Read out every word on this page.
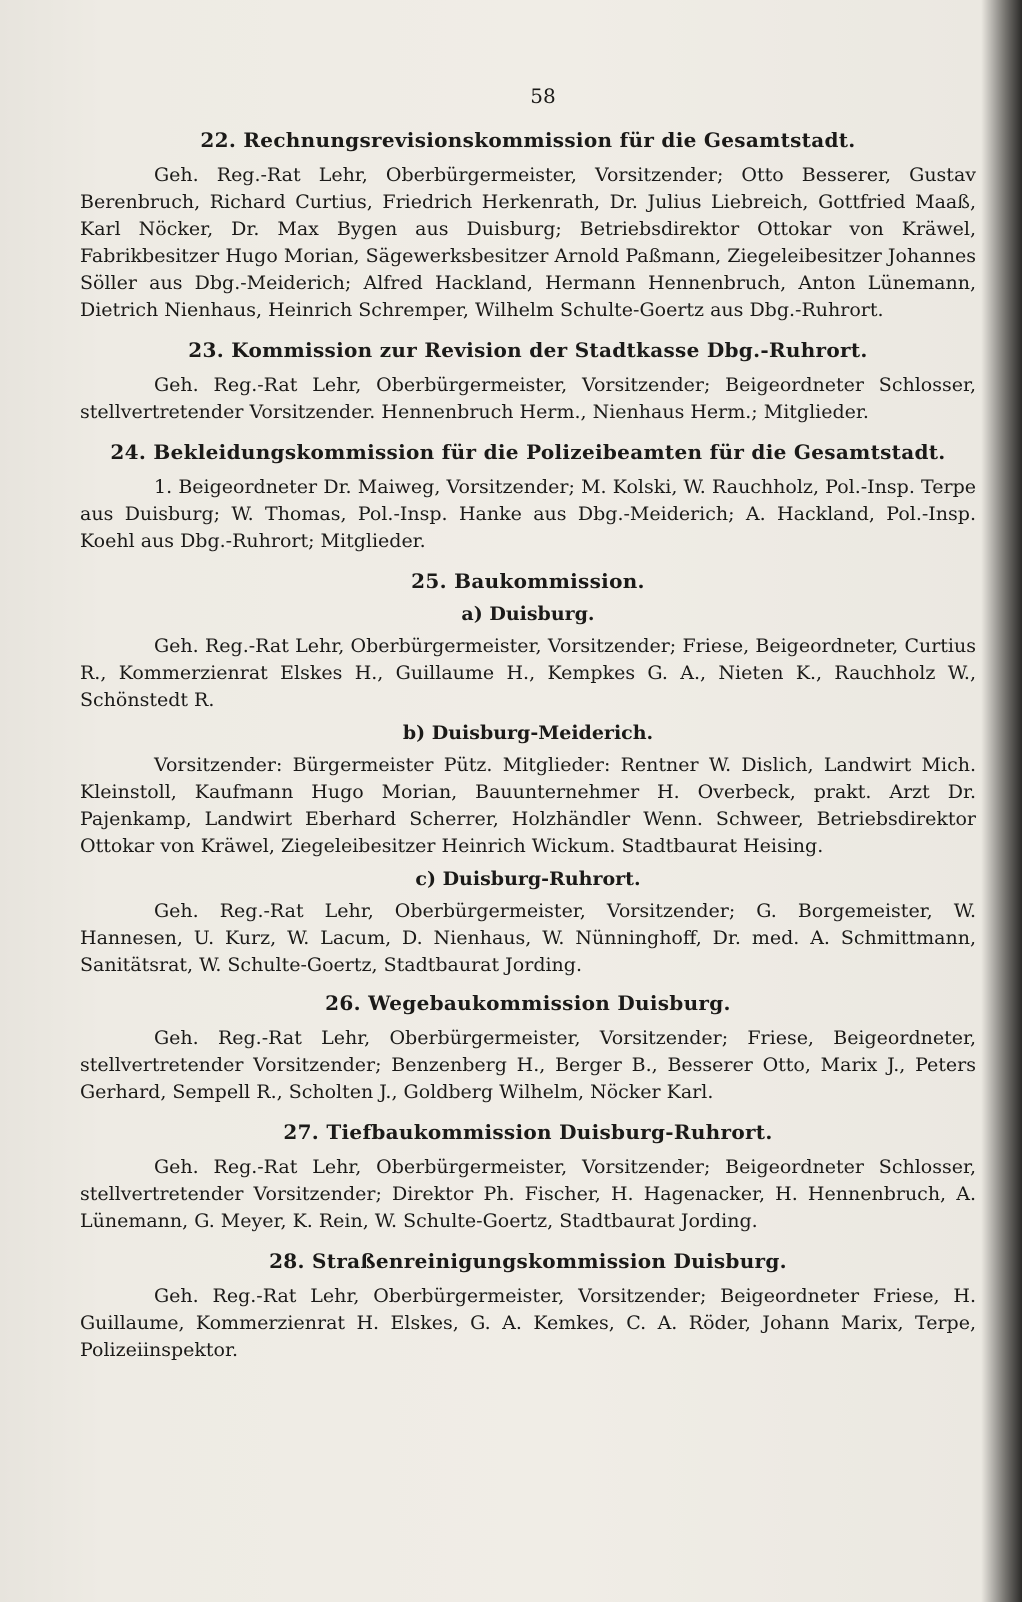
58
22. Rechnungsrevisionskommission für die Gesamtstadt.

Geh. Reg.-Rat Lehr, Oberbürgermeister, Vorsitzender; Otto Besserer, Gustav Berenbruch, Richard Curtius, Friedrich Herkenrath, Dr. Julius Liebreich, Gottfried Maaß, Karl Nöcker, Dr. Max Bygen aus Duisburg; Betriebsdirektor Ottokar von Kräwel, Fabrikbesitzer Hugo Morian, Sägewerksbesitzer Arnold Paßmann, Ziegeleibesitzer Johannes Söller aus Dbg.-Meiderich; Alfred Hackland, Hermann Hennenbruch, Anton Lünemann, Dietrich Nienhaus, Heinrich Schremper, Wilhelm Schulte-Goertz aus Dbg.-Ruhrort.

23. Kommission zur Revision der Stadtkasse Dbg.-Ruhrort.

Geh. Reg.-Rat Lehr, Oberbürgermeister, Vorsitzender; Beigeordneter Schlosser, stellvertretender Vorsitzender. Hennenbruch Herm., Nienhaus Herm.; Mitglieder.

24. Bekleidungskommission für die Polizeibeamten für die Gesamtstadt.

1. Beigeordneter Dr. Maiweg, Vorsitzender; M. Kolski, W. Rauchholz, Pol.-Insp. Terpe aus Duisburg; W. Thomas, Pol.-Insp. Hanke aus Dbg.-Meiderich; A. Hackland, Pol.-Insp. Koehl aus Dbg.-Ruhrort; Mitglieder.

25. Baukommission.
a) Duisburg.

Geh. Reg.-Rat Lehr, Oberbürgermeister, Vorsitzender; Friese, Beigeordneter, Curtius R., Kommerzienrat Elskes H., Guillaume H., Kempkes G. A., Nieten K., Rauchholz W., Schönstedt R.

b) Duisburg-Meiderich.

Vorsitzender: Bürgermeister Pütz. Mitglieder: Rentner W. Dislich, Landwirt Mich. Kleinstoll, Kaufmann Hugo Morian, Bauunternehmer H. Overbeck, prakt. Arzt Dr. Pajenkamp, Landwirt Eberhard Scherrer, Holzhändler Wenn. Schweer, Betriebsdirektor Ottokar von Kräwel, Ziegeleibesitzer Heinrich Wickum. Stadtbaurat Heising.

c) Duisburg-Ruhrort.

Geh. Reg.-Rat Lehr, Oberbürgermeister, Vorsitzender; G. Borgemeister, W. Hannesen, U. Kurz, W. Lacum, D. Nienhaus, W. Nünninghoff, Dr. med. A. Schmittmann, Sanitätsrat, W. Schulte-Goertz, Stadtbaurat Jording.

26. Wegebaukommission Duisburg.

Geh. Reg.-Rat Lehr, Oberbürgermeister, Vorsitzender; Friese, Beigeordneter, stellvertretender Vorsitzender; Benzenberg H., Berger B., Besserer Otto, Marix J., Peters Gerhard, Sempell R., Scholten J., Goldberg Wilhelm, Nöcker Karl.

27. Tiefbaukommission Duisburg-Ruhrort.

Geh. Reg.-Rat Lehr, Oberbürgermeister, Vorsitzender; Beigeordneter Schlosser, stellvertretender Vorsitzender; Direktor Ph. Fischer, H. Hagenacker, H. Hennenbruch, A. Lünemann, G. Meyer, K. Rein, W. Schulte-Goertz, Stadtbaurat Jording.

28. Straßenreinigungskommission Duisburg.

Geh. Reg.-Rat Lehr, Oberbürgermeister, Vorsitzender; Beigeordneter Friese, H. Guillaume, Kommerzienrat H. Elskes, G. A. Kemkes, C. A. Röder, Johann Marix, Terpe, Polizeiinspektor.
